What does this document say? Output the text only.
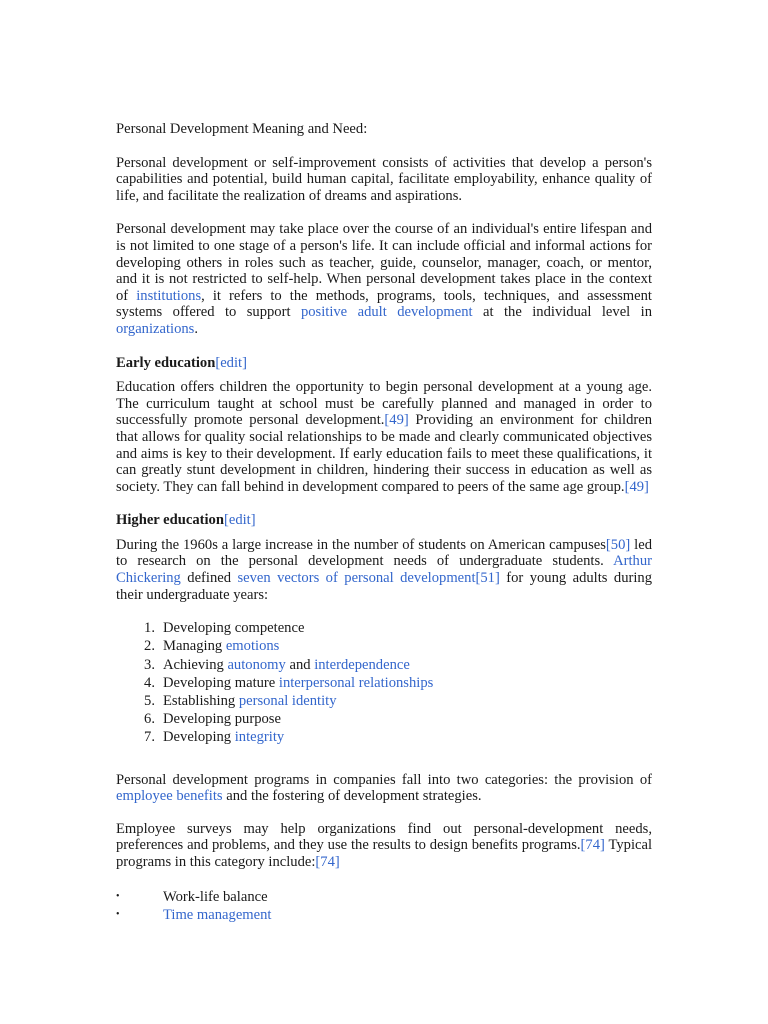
Personal Development Meaning and Need:

Personal development or self-improvement consists of activities that develop a person's capabilities and potential, build human capital, facilitate employability, enhance quality of life, and facilitate the realization of dreams and aspirations.

Personal development may take place over the course of an individual's entire lifespan and is not limited to one stage of a person's life. It can include official and informal actions for developing others in roles such as teacher, guide, counselor, manager, coach, or mentor, and it is not restricted to self-help. When personal development takes place in the context of institutions, it refers to the methods, programs, tools, techniques, and assessment systems offered to support positive adult development at the individual level in organizations.

Early education[edit]

Education offers children the opportunity to begin personal development at a young age. The curriculum taught at school must be carefully planned and managed in order to successfully promote personal development.[49] Providing an environment for children that allows for quality social relationships to be made and clearly communicated objectives and aims is key to their development. If early education fails to meet these qualifications, it can greatly stunt development in children, hindering their success in education as well as society. They can fall behind in development compared to peers of the same age group.[49]

Higher education[edit]

During the 1960s a large increase in the number of students on American campuses[50] led to research on the personal development needs of undergraduate students. Arthur Chickering defined seven vectors of personal development[51] for young adults during their undergraduate years:

1. Developing competence
2. Managing emotions
3. Achieving autonomy and interdependence
4. Developing mature interpersonal relationships
5. Establishing personal identity
6. Developing purpose
7. Developing integrity

Personal development programs in companies fall into two categories: the provision of employee benefits and the fostering of development strategies.

Employee surveys may help organizations find out personal-development needs, preferences and problems, and they use the results to design benefits programs.[74] Typical programs in this category include:[74]

•	Work-life balance
•	Time management
